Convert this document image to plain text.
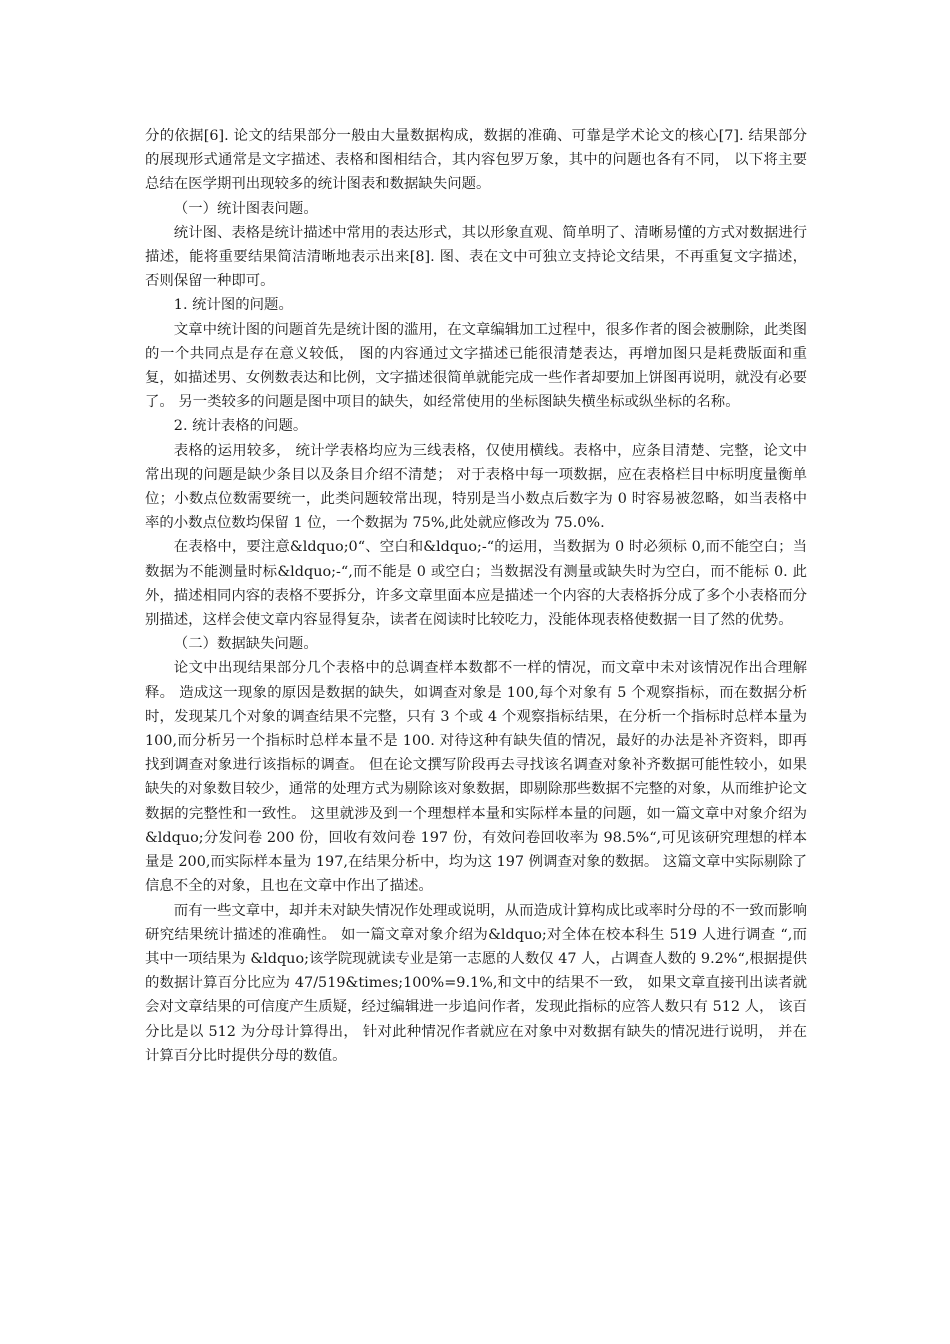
分的依据[6]. 论文的结果部分一般由大量数据构成，数据的准确、可靠是学术论文的核心[7]. 结果部分的展现形式通常是文字描述、表格和图相结合，其内容包罗万象，其中的问题也各有不同， 以下将主要总结在医学期刊出现较多的统计图表和数据缺失问题。

（一）统计图表问题。

统计图、表格是统计描述中常用的表达形式，其以形象直观、简单明了、清晰易懂的方式对数据进行描述，能将重要结果简洁清晰地表示出来[8]. 图、表在文中可独立支持论文结果，不再重复文字描述，否则保留一种即可。

1. 统计图的问题。

文章中统计图的问题首先是统计图的滥用，在文章编辑加工过程中，很多作者的图会被删除，此类图的一个共同点是存在意义较低， 图的内容通过文字描述已能很清楚表达，再增加图只是耗费版面和重复，如描述男、女例数表达和比例，文字描述很简单就能完成一些作者却要加上饼图再说明，就没有必要了。 另一类较多的问题是图中项目的缺失，如经常使用的坐标图缺失横坐标或纵坐标的名称。

2. 统计表格的问题。

表格的运用较多， 统计学表格均应为三线表格，仅使用横线。表格中，应条目清楚、完整，论文中常出现的问题是缺少条目以及条目介绍不清楚； 对于表格中每一项数据，应在表格栏目中标明度量衡单位；小数点位数需要统一，此类问题较常出现，特别是当小数点后数字为 0 时容易被忽略，如当表格中率的小数点位数均保留 1 位，一个数据为 75%,此处就应修改为 75.0%.

在表格中，要注意&ldquo;0“、空白和&ldquo;-“的运用，当数据为 0 时必须标 0,而不能空白；当数据为不能测量时标&ldquo;-“,而不能是 0 或空白；当数据没有测量或缺失时为空白，而不能标 0. 此外，描述相同内容的表格不要拆分，许多文章里面本应是描述一个内容的大表格拆分成了多个小表格而分别描述，这样会使文章内容显得复杂，读者在阅读时比较吃力，没能体现表格使数据一目了然的优势。

（二）数据缺失问题。

论文中出现结果部分几个表格中的总调查样本数都不一样的情况，而文章中未对该情况作出合理解释。 造成这一现象的原因是数据的缺失，如调查对象是 100,每个对象有 5 个观察指标，而在数据分析时，发现某几个对象的调查结果不完整，只有 3 个或 4 个观察指标结果，在分析一个指标时总样本量为 100,而分析另一个指标时总样本量不是 100. 对待这种有缺失值的情况，最好的办法是补齐资料，即再找到调查对象进行该指标的调查。 但在论文撰写阶段再去寻找该名调查对象补齐数据可能性较小，如果缺失的对象数目较少，通常的处理方式为剔除该对象数据，即剔除那些数据不完整的对象，从而维护论文数据的完整性和一致性。 这里就涉及到一个理想样本量和实际样本量的问题，如一篇文章中对象介绍为&ldquo;分发问卷 200 份，回收有效问卷 197 份，有效问卷回收率为 98.5%“,可见该研究理想的样本量是 200,而实际样本量为 197,在结果分析中，均为这 197 例调查对象的数据。 这篇文章中实际剔除了信息不全的对象，且也在文章中作出了描述。

而有一些文章中，却并未对缺失情况作处理或说明，从而造成计算构成比或率时分母的不一致而影响研究结果统计描述的准确性。 如一篇文章对象介绍为&ldquo;对全体在校本科生 519 人进行调查 “,而其中一项结果为 &ldquo;该学院现就读专业是第一志愿的人数仅 47 人，占调查人数的 9.2%“,根据提供的数据计算百分比应为 47/519&times;100%=9.1%,和文中的结果不一致， 如果文章直接刊出读者就会对文章结果的可信度产生质疑，经过编辑进一步追问作者，发现此指标的应答人数只有 512 人， 该百分比是以 512 为分母计算得出， 针对此种情况作者就应在对象中对数据有缺失的情况进行说明， 并在计算百分比时提供分母的数值。
